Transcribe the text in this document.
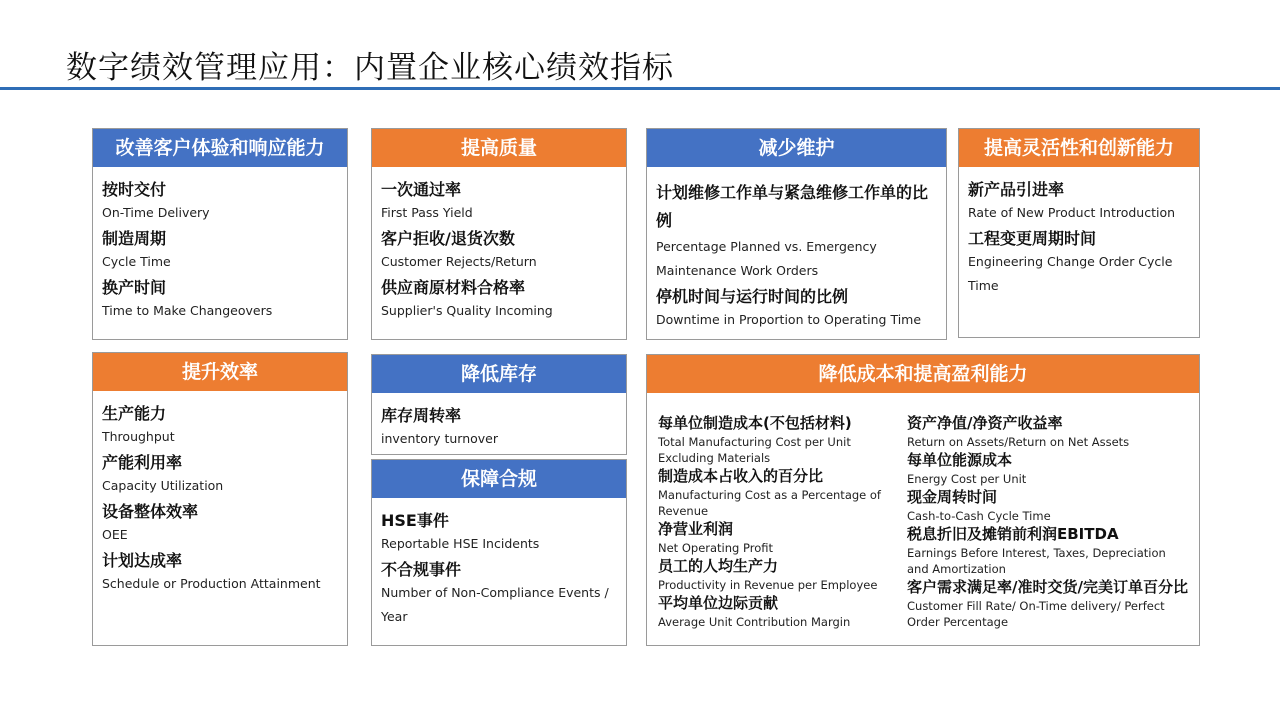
数字绩效管理应用：内置企业核心绩效指标
改善客户体验和响应能力
按时交付
On-Time Delivery
制造周期
Cycle Time
换产时间
Time to Make Changeovers
提高质量
一次通过率
First Pass Yield
客户拒收/退货次数
Customer Rejects/Return
供应商原材料合格率
Supplier's Quality Incoming
减少维护
计划维修工作单与紧急维修工作单的比例
Percentage Planned vs. Emergency Maintenance Work Orders
停机时间与运行时间的比例
Downtime in Proportion to Operating Time
提高灵活性和创新能力
新产品引进率
Rate of New Product Introduction
工程变更周期时间
Engineering Change Order Cycle Time
提升效率
生产能力
Throughput
产能利用率
Capacity Utilization
设备整体效率
OEE
计划达成率
Schedule or Production Attainment
降低库存
库存周转率
inventory turnover
保障合规
HSE事件
Reportable HSE Incidents
不合规事件
Number of Non-Compliance Events / Year
降低成本和提高盈利能力
每单位制造成本(不包括材料)
Total Manufacturing Cost per Unit Excluding Materials
制造成本占收入的百分比
Manufacturing Cost as a Percentage of Revenue
净营业利润
Net Operating Profit
员工的人均生产力
Productivity in Revenue per Employee
平均单位边际贡献
Average Unit Contribution Margin
资产净值/净资产收益率
Return on Assets/Return on Net Assets
每单位能源成本
Energy Cost per Unit
现金周转时间
Cash-to-Cash Cycle Time
税息折旧及摊销前利润EBITDA
Earnings Before Interest, Taxes, Depreciation and Amortization
客户需求满足率/准时交货/完美订单百分比
Customer Fill Rate/ On-Time delivery/ Perfect Order Percentage
